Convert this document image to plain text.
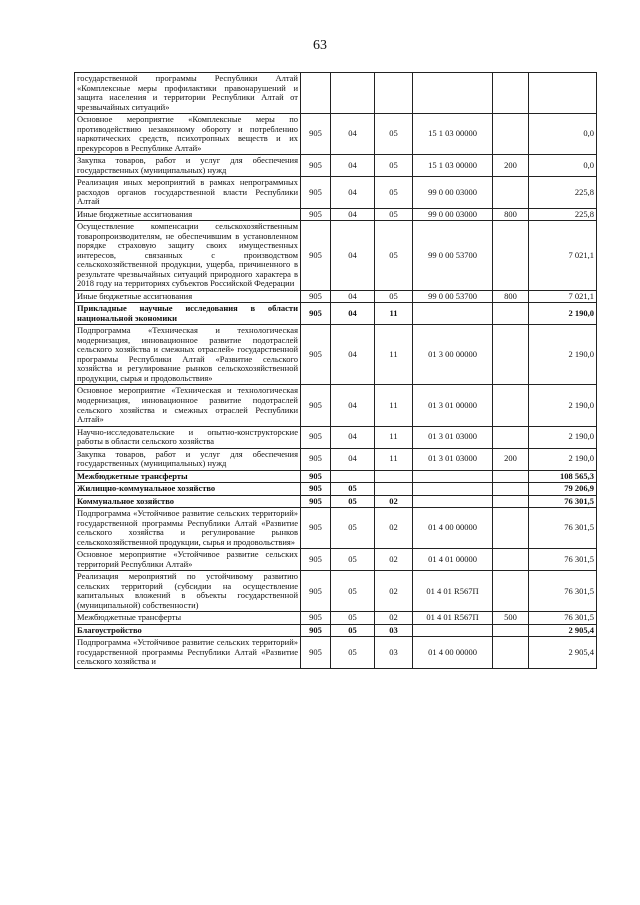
63
государственной программы Республики Алтай «Комплексные меры профилактики правонарушений и защита населения и территории Республики Алтай от чрезвычайных ситуаций»						
Основное мероприятие «Комплексные меры по противодействию незаконному обороту и потреблению наркотических средств, психотропных веществ и их прекурсоров в Республике Алтай»	905	04	05	15 1 03 00000		0,0
Закупка товаров, работ и услуг для обеспечения государственных (муниципальных) нужд	905	04	05	15 1 03 00000	200	0,0
Реализация иных мероприятий в рамках непрограммных расходов органов государственной власти Республики Алтай	905	04	05	99 0 00 03000		225,8
Иные бюджетные ассигнования	905	04	05	99 0 00 03000	800	225,8
Осуществление компенсации сельскохозяйственным товаропроизводителям, не обеспечившим в установленном порядке страховую защиту своих имущественных интересов, связанных с производством сельскохозяйственной продукции, ущерба, причиненного в результате чрезвычайных ситуаций природного характера в 2018 году на территориях субъектов Российской Федерации	905	04	05	99 0 00 53700		7 021,1
Иные бюджетные ассигнования	905	04	05	99 0 00 53700	800	7 021,1
Прикладные научные исследования в области национальной экономики	905	04	11			2 190,0
Подпрограмма «Техническая и технологическая модернизация, инновационное развитие подотраслей сельского хозяйства и смежных отраслей» государственной программы Республики Алтай «Развитие сельского хозяйства и регулирование рынков сельскохозяйственной продукции, сырья и продовольствия»	905	04	11	01 3 00 00000		2 190,0
Основное мероприятие «Техническая и технологическая модернизация, инновационное развитие подотраслей сельского хозяйства и смежных отраслей Республики Алтай»	905	04	11	01 3 01 00000		2 190,0
Научно-исследовательские и опытно-конструкторские работы в области сельского хозяйства	905	04	11	01 3 01 03000		2 190,0
Закупка товаров, работ и услуг для обеспечения государственных (муниципальных) нужд	905	04	11	01 3 01 03000	200	2 190,0
Межбюджетные трансферты	905					108 565,3
Жилищно-коммунальное хозяйство	905	05				79 206,9
Коммунальное хозяйство	905	05	02			76 301,5
Подпрограмма «Устойчивое развитие сельских территорий» государственной программы Республики Алтай «Развитие сельского хозяйства и регулирование рынков сельскохозяйственной продукции, сырья и продовольствия»	905	05	02	01 4 00 00000		76 301,5
Основное мероприятие «Устойчивое развитие сельских территорий Республики Алтай»	905	05	02	01 4 01 00000		76 301,5
Реализация мероприятий по устойчивому развитию сельских территорий (субсидии на осуществление капитальных вложений в объекты государственной (муниципальной) собственности)	905	05	02	01 4 01 R567П		76 301,5
Межбюджетные трансферты	905	05	02	01 4 01 R567П	500	76 301,5
Благоустройство	905	05	03			2 905,4
Подпрограмма «Устойчивое развитие сельских территорий» государственной программы Республики Алтай «Развитие сельского хозяйства и	905	05	03	01 4 00 00000		2 905,4
